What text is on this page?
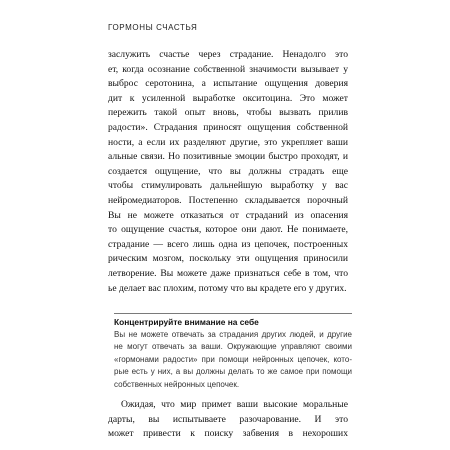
ГОРМОНЫ СЧАСТЬЯ
заслужить счастье через страдание. Ненадолго это
ет, когда осознание собственной значимости вызывает у
выброс серотонина, а испытание ощущения доверия
дит к усиленной выработке окситоцина. Это может
пережить такой опыт вновь, чтобы вызвать прилив
радости». Страдания приносят ощущения собственной
ности, а если их разделяют другие, это укрепляет ваши
альные связи. Но позитивные эмоции быстро проходят, и
создается ощущение, что вы должны страдать еще
чтобы стимулировать дальнейшую выработку у вас
нейромедиаторов. Постепенно складывается порочный
Вы не можете отказаться от страданий из опасения
то ощущение счастья, которое они дают. Не понимаете,
страдание — всего лишь одна из цепочек, построенных
рическим мозгом, поскольку эти ощущения приносили
летворение. Вы можете даже признаться себе в том, что
ье делает вас плохим, потому что вы крадете его у других.
Концентрируйте внимание на себе
Вы не можете отвечать за страдания других людей, и другие
не могут отвечать за ваши. Окружающие управляют своими
«гормонами радости» при помощи нейронных цепочек, кото-
рые есть у них, а вы должны делать то же самое при помощи
собственных нейронных цепочек.
Ожидая, что мир примет ваши высокие моральные
дарты, вы испытываете разочарование. И это
может привести к поиску забвения в нехороших
